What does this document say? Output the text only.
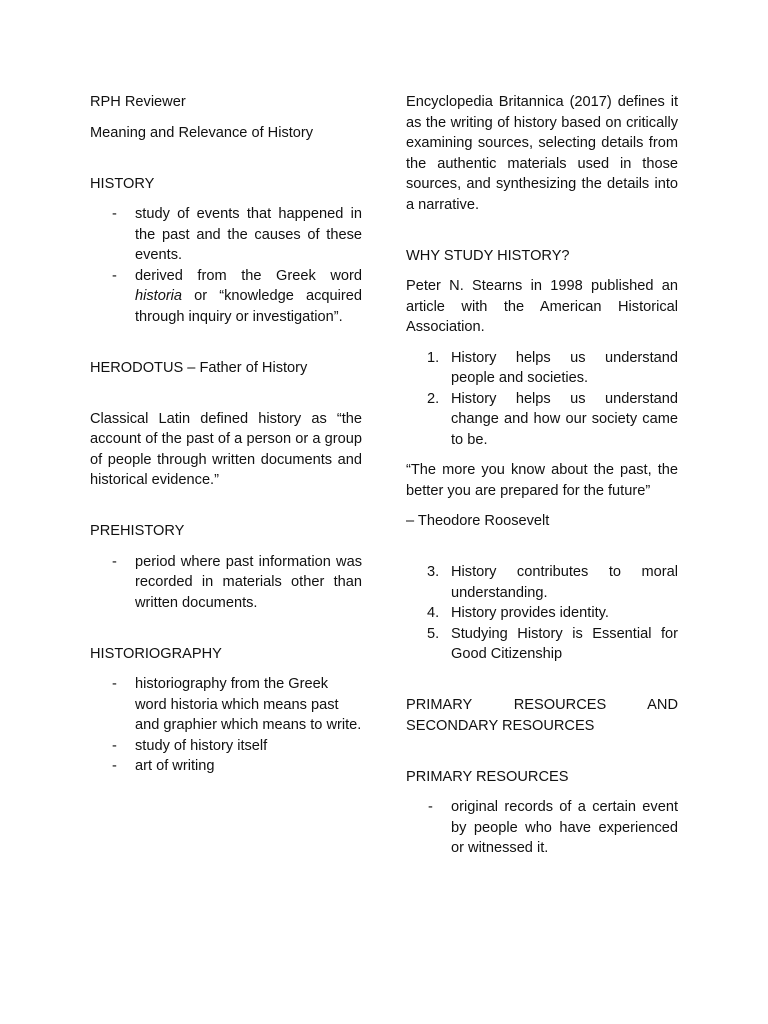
RPH Reviewer

Meaning and Relevance of History

HISTORY

-	study of events that happened in the past and the causes of these events.
-	derived from the Greek word historia or “knowledge acquired through inquiry or investigation”.

HERODOTUS – Father of History

Classical Latin defined history as “the account of the past of a person or a group of people through written documents and historical evidence.”

PREHISTORY

-	period where past information was recorded in materials other than written documents.

HISTORIOGRAPHY

-	historiography from the Greek word historia which means past and graphier which means to write.
-	study of history itself
-	art of writing

Encyclopedia Britannica (2017) defines it as the writing of history based on critically examining sources, selecting details from the authentic materials used in those sources, and synthesizing the details into a narrative.

WHY STUDY HISTORY?

Peter N. Stearns in 1998 published an article with the American Historical Association.

1. History helps us understand people and societies.
2. History helps us understand change and how our society came to be.

“The more you know about the past, the better you are prepared for the future”

– Theodore Roosevelt

3. History contributes to moral understanding.
4. History provides identity.
5. Studying History is Essential for Good Citizenship
PRIMARY RESOURCES AND
SECONDARY RESOURCES

PRIMARY RESOURCES

-	original records of a certain event by people who have experienced or witnessed it.
